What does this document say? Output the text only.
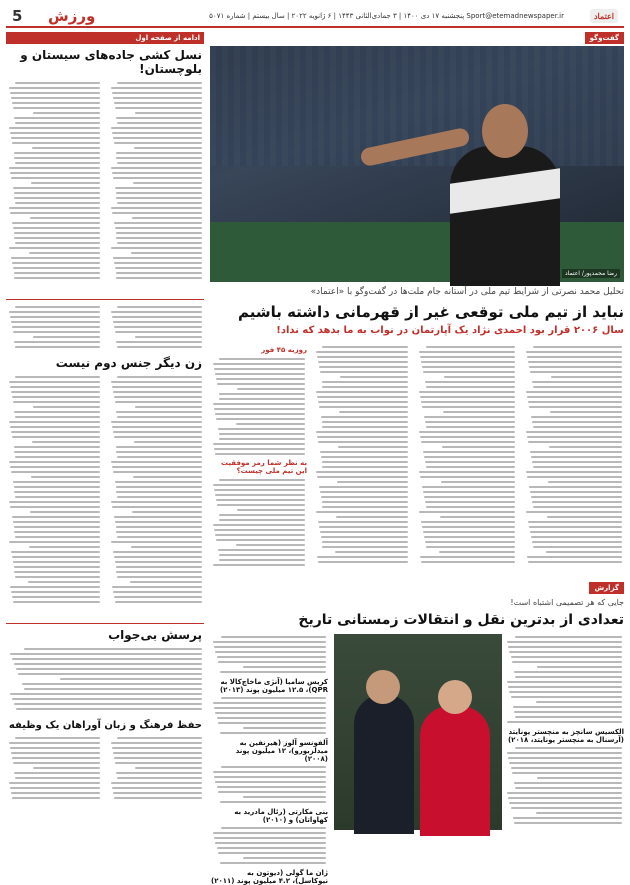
اعتماد
Sport@etemadnewspaper.ir پنجشنبه ۱۷ دی ۱۴۰۰ | ۳ جمادی‌الثانی ۱۴۴۳ | ۶ ژانویه ۲۰۲۲ | سال بیستم | شماره ۵۰۷۱
ورزش
5
ادامه از صفحه اول
نسل کشی جاده‌های سیستان و بلوچستان!
زن دیگر جنس دوم نیست
پرسش بی‌جواب
حفظ فرهنگ و زبان آوراهان یک وظیفه
گفت‌وگو
رضا محمدپور/ اعتماد
تحلیل محمد نصرتی از شرایط تیم ملی در آستانه جام ملت‌ها در گفت‌وگو با «اعتماد»
نباید از تیم ملی توقعی غیر از قهرمانی داشته باشیم
سال ۲۰۰۶ قرار بود احمدی نژاد یک آپارتمان در نواب به ما بدهد که نداد!
روزبه ۴۵ فور
به نظر شما رمز موفقیت این تیم ملی چیست؟
گزارش
جایی که هر تصمیمی اشتباه است!
تعدادی از بدترین نقل و انتقالات زمستانی تاریخ
الکسیس سانچز به منچستر یونایتد (آرسنال به منچستر یونایتد، ۲۰۱۸)
کریس سامبا (آنژی ماخاچ‌کالا به QPR)، ۱۲.۵ میلیون پوند (۲۰۱۳)
آلفونسو آلوز (هیرنفین به میدلزبورو)، ۱۲ میلیون پوند (۲۰۰۸)
بنی مکارتی (رئال مادرید به کهاواتان) و (۲۰۱۰)
ژان ما گولی (دیوتون به نیوکاسل)، ۴.۲ میلیون پوند (۲۰۱۱)
